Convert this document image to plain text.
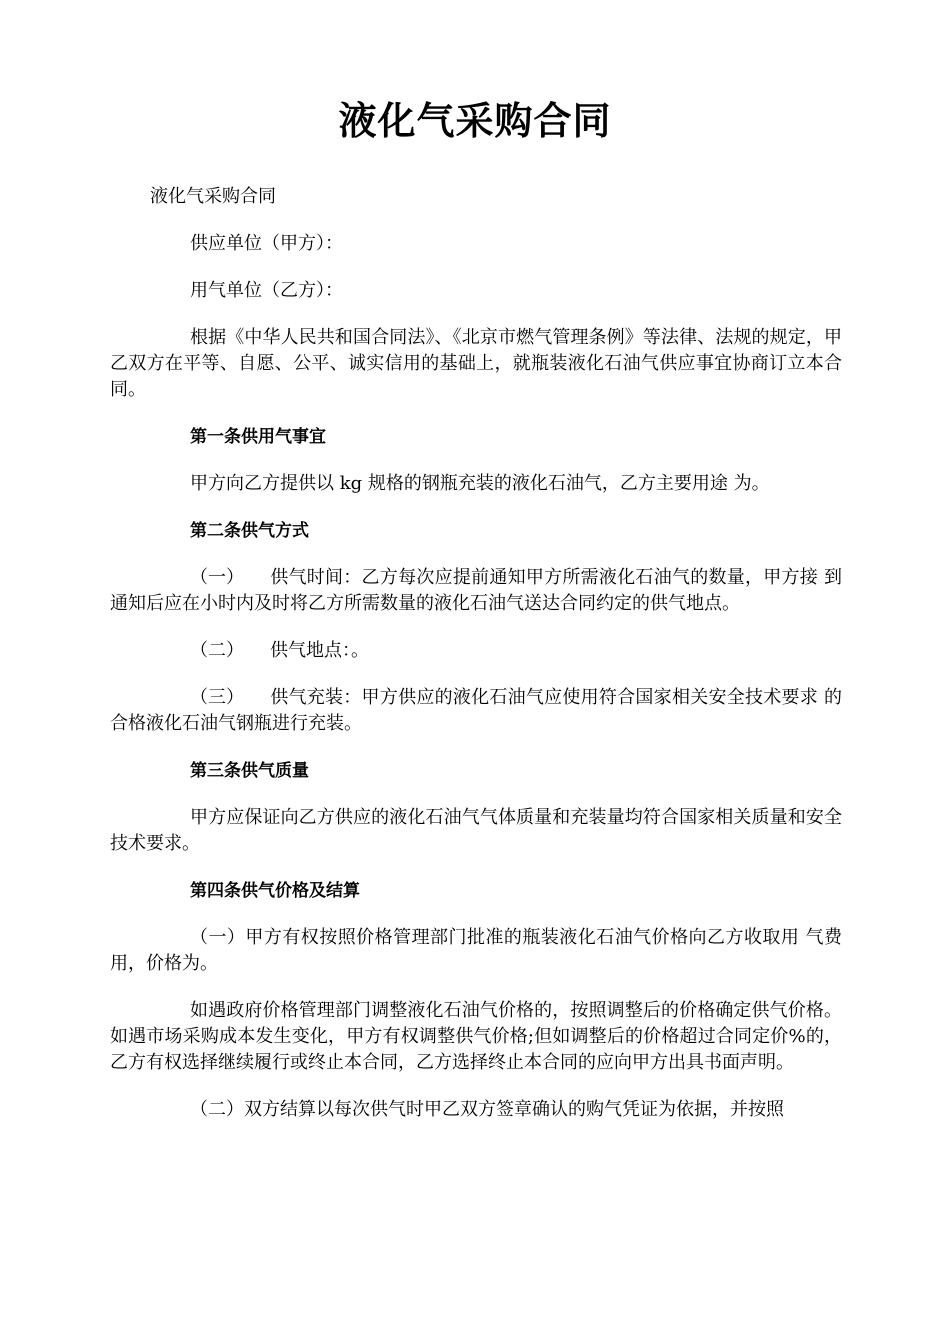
液化气采购合同

液化气采购合同

供应单位（甲方）：

用气单位（乙方）：

根据《中华人民共和国合同法》、《北京市燃气管理条例》等法律、法规的规定，甲乙双方在平等、自愿、公平、诚实信用的基础上，就瓶装液化石油气供应事宜协商订立本合同。

第一条供用气事宜

甲方向乙方提供以 kg 规格的钢瓶充装的液化石油气，乙方主要用途 为。

第二条供气方式

（一） 供气时间：乙方每次应提前通知甲方所需液化石油气的数量，甲方接 到通知后应在小时内及时将乙方所需数量的液化石油气送达合同约定的供气地点。

（二） 供气地点：。

（三） 供气充装：甲方供应的液化石油气应使用符合国家相关安全技术要求 的合格液化石油气钢瓶进行充装。

第三条供气质量

甲方应保证向乙方供应的液化石油气气体质量和充装量均符合国家相关质量和安全技术要求。

第四条供气价格及结算

（一）甲方有权按照价格管理部门批准的瓶装液化石油气价格向乙方收取用 气费用，价格为。

如遇政府价格管理部门调整液化石油气价格的，按照调整后的价格确定供气价格。如遇市场采购成本发生变化，甲方有权调整供气价格;但如调整后的价格超过合同定价%的，乙方有权选择继续履行或终止本合同，乙方选择终止本合同的应向甲方出具书面声明。

（二）双方结算以每次供气时甲乙双方签章确认的购气凭证为依据，并按照
